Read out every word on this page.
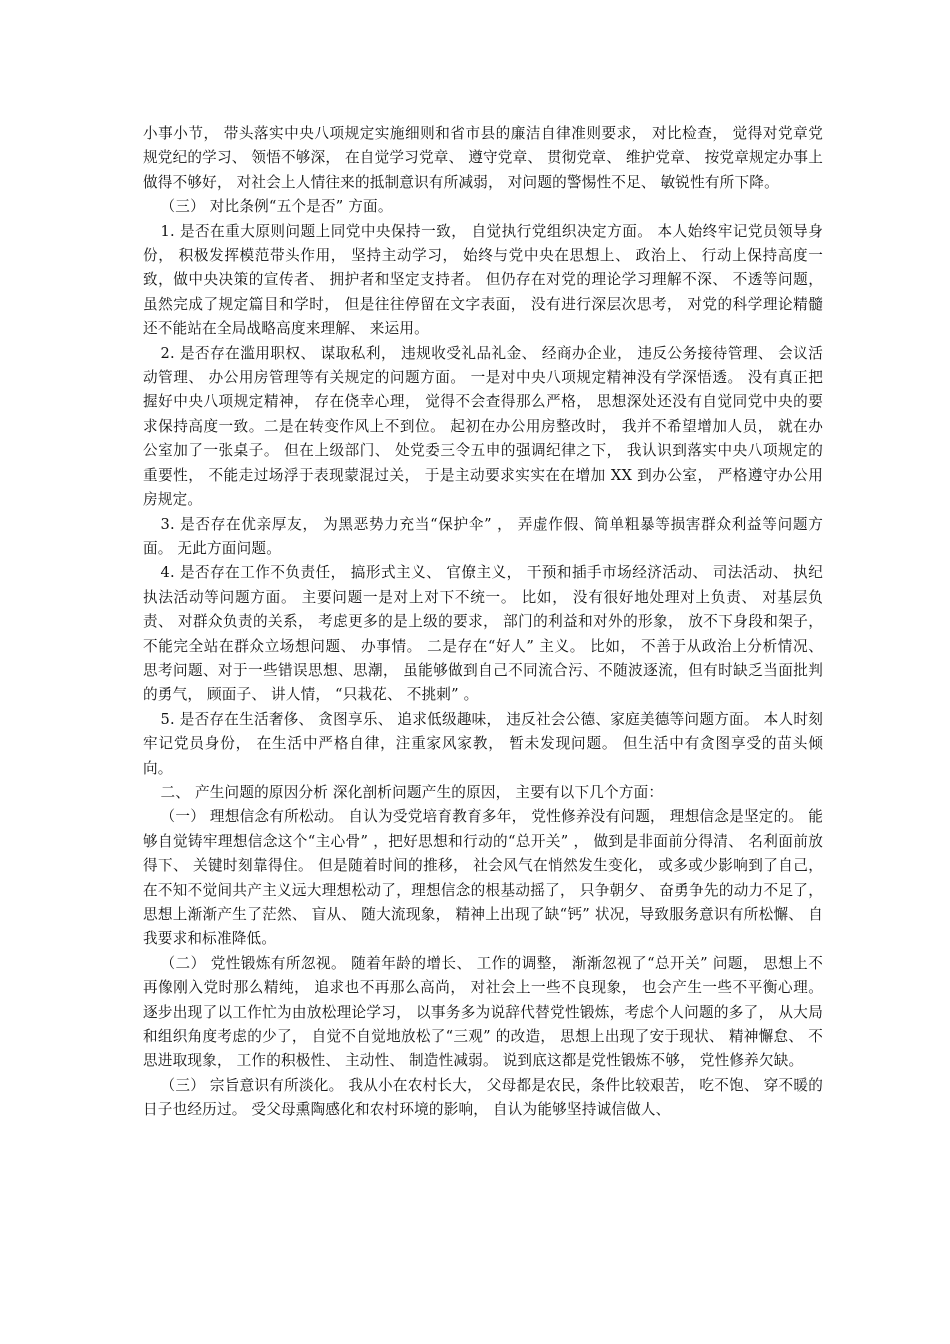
小事小节， 带头落实中央八项规定实施细则和省市县的廉洁自律准则要求， 对比检查， 觉得对党章党规党纪的学习、 领悟不够深， 在自觉学习党章、 遵守党章、 贯彻党章、 维护党章、 按党章规定办事上做得不够好， 对社会上人情往来的抵制意识有所减弱， 对问题的警惕性不足、 敏锐性有所下降。

（三） 对比条例“五个是否” 方面。

1. 是否在重大原则问题上同党中央保持一致， 自觉执行党组织决定方面。 本人始终牢记党员领导身份， 积极发挥模范带头作用， 坚持主动学习， 始终与党中央在思想上、 政治上、 行动上保持高度一致，做中央决策的宣传者、 拥护者和坚定支持者。 但仍存在对党的理论学习理解不深、 不透等问题， 虽然完成了规定篇目和学时， 但是往往停留在文字表面， 没有进行深层次思考， 对党的科学理论精髓还不能站在全局战略高度来理解、 来运用。

2. 是否存在滥用职权、 谋取私利， 违规收受礼品礼金、 经商办企业， 违反公务接待管理、 会议活动管理、 办公用房管理等有关规定的问题方面。 一是对中央八项规定精神没有学深悟透。 没有真正把握好中央八项规定精神， 存在侥幸心理， 觉得不会查得那么严格， 思想深处还没有自觉同党中央的要求保持高度一致。二是在转变作风上不到位。 起初在办公用房整改时， 我并不希望增加人员， 就在办公室加了一张桌子。 但在上级部门、 处党委三令五申的强调纪律之下， 我认识到落实中央八项规定的重要性， 不能走过场浮于表现蒙混过关， 于是主动要求实实在在增加 XX 到办公室， 严格遵守办公用房规定。

3. 是否存在优亲厚友， 为黑恶势力充当“保护伞” ， 弄虚作假、简单粗暴等损害群众利益等问题方面。 无此方面问题。

4. 是否存在工作不负责任， 搞形式主义、 官僚主义， 干预和插手市场经济活动、 司法活动、 执纪执法活动等问题方面。 主要问题一是对上对下不统一。 比如， 没有很好地处理对上负责、 对基层负责、 对群众负责的关系， 考虑更多的是上级的要求， 部门的利益和对外的形象， 放不下身段和架子， 不能完全站在群众立场想问题、 办事情。 二是存在“好人” 主义。 比如， 不善于从政治上分析情况、 思考问题、对于一些错误思想、思潮， 虽能够做到自己不同流合污、不随波逐流，但有时缺乏当面批判的勇气， 顾面子、 讲人情， “只栽花、 不挑刺” 。

5. 是否存在生活奢侈、 贪图享乐、 追求低级趣味， 违反社会公德、家庭美德等问题方面。 本人时刻牢记党员身份， 在生活中严格自律，注重家风家教， 暂未发现问题。 但生活中有贪图享受的苗头倾向。

二、 产生问题的原因分析 深化剖析问题产生的原因， 主要有以下几个方面：

（一） 理想信念有所松动。 自认为受党培育教育多年， 党性修养没有问题， 理想信念是坚定的。 能够自觉铸牢理想信念这个“主心骨” ，把好思想和行动的“总开关” ， 做到是非面前分得清、 名利面前放得下、 关键时刻靠得住。 但是随着时间的推移， 社会风气在悄然发生变化， 或多或少影响到了自己， 在不知不觉间共产主义远大理想松动了，理想信念的根基动摇了， 只争朝夕、 奋勇争先的动力不足了， 思想上渐渐产生了茫然、 盲从、 随大流现象， 精神上出现了缺“钙” 状况，导致服务意识有所松懈、 自我要求和标准降低。

（二） 党性锻炼有所忽视。 随着年龄的增长、 工作的调整， 渐渐忽视了“总开关” 问题， 思想上不再像刚入党时那么精纯， 追求也不再那么高尚， 对社会上一些不良现象， 也会产生一些不平衡心理。 逐步出现了以工作忙为由放松理论学习， 以事务多为说辞代替党性锻炼，考虑个人问题的多了， 从大局和组织角度考虑的少了， 自觉不自觉地放松了“三观” 的改造， 思想上出现了安于现状、 精神懈怠、 不思进取现象， 工作的积极性、 主动性、 制造性减弱。 说到底这都是党性锻炼不够， 党性修养欠缺。

（三） 宗旨意识有所淡化。 我从小在农村长大， 父母都是农民，条件比较艰苦， 吃不饱、 穿不暖的日子也经历过。 受父母熏陶感化和农村环境的影响， 自认为能够坚持诚信做人、
